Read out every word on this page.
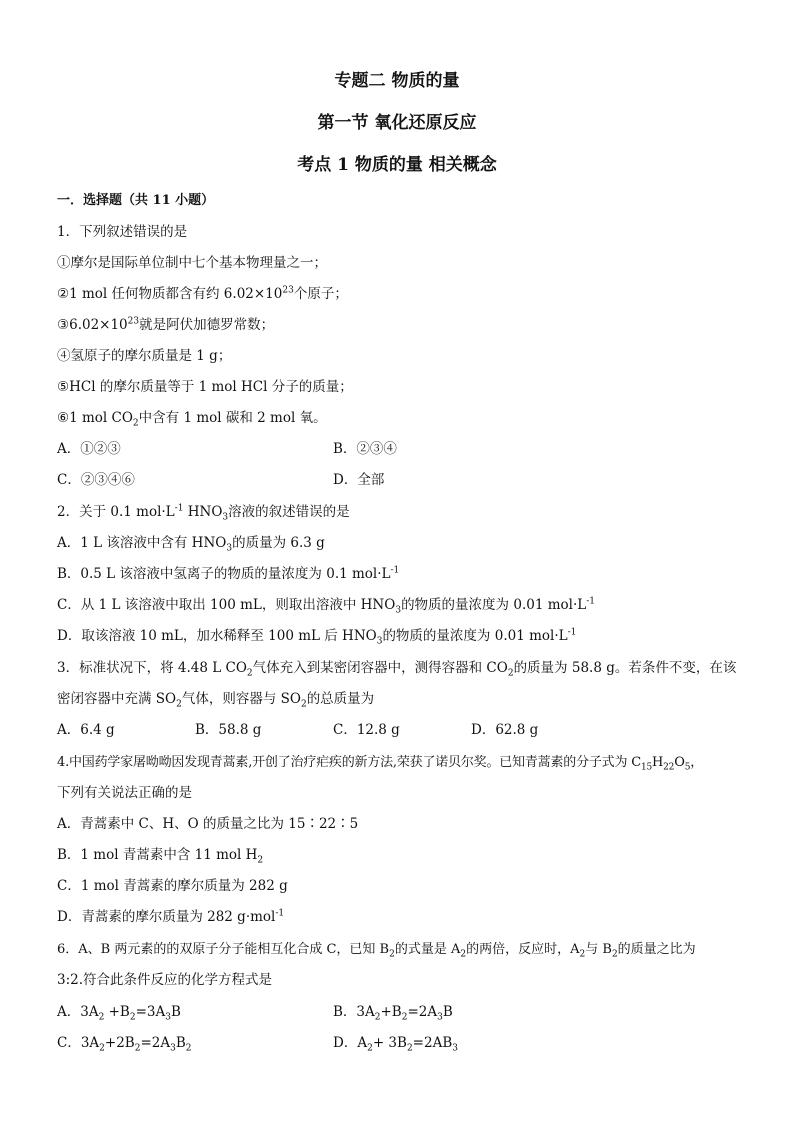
专题二 物质的量
第一节 氧化还原反应
考点 1 物质的量 相关概念
一．选择题（共 11 小题）
1．下列叙述错误的是
①摩尔是国际单位制中七个基本物理量之一；
②1 mol 任何物质都含有约 $6.02\times 10^{23}$个原子；
$③6.02\times 10^{23}$就是阿伏加德罗常数；
④氢原子的摩尔质量是 1 g；
⑤HCl 的摩尔质量等于 1 mol HCl 分子的质量；
⑥1 mol $CO_2$中含有 1 mol 碳和 2 mol 氧。
A．①②③	B．②③④
C．②③④⑥	D．全部
2．关于 0.1 $mol\cdot L^{-1}$ $HNO_3$溶液的叙述错误的是
A．1 L 该溶液中含有 $HNO_3$的质量为 6.3 g
B．0.5 L 该溶液中氢离子的物质的量浓度为 0.1 $mol\cdot L^{-1}$
C．从 1 L 该溶液中取出 100 mL，则取出溶液中 $HNO_3$的物质的量浓度为 0.01 $mol\cdot L^{-1}$
D．取该溶液 10 mL，加水稀释至 100 mL 后 $HNO_3$的物质的量浓度为 0.01 $mol\cdot L^{-1}$
3．标准状况下，将 4.48 L $CO_2$气体充入到某密闭容器中，测得容器和 $CO_2$的质量为 58.8 g。若条件不变，在该
密闭容器中充满 $SO_2$气体，则容器与 $SO_2$的总质量为
A．6.4 g	B．58.8 g	C．12.8 g	D．62.8 g
4.中国药学家屠呦呦因发现青蒿素,开创了治疗疟疾的新方法,荣获了诺贝尔奖。已知青蒿素的分子式为 $C_{15}H_{22}O_5$，
下列有关说法正确的是
A．青蒿素中 C、H、O 的质量之比为 15∶22∶5
B．1 mol 青蒿素中含 11 mol $H_2$
C．1 mol 青蒿素的摩尔质量为 282 g
D．青蒿素的摩尔质量为 282 g·mol$^{-1}$
6．A、B 两元素的的双原子分子能相互化合成 C，已知 $B_2$的式量是 $A_2$的两倍，反应时，$A_2$与 $B_2$的质量之比为
3:2.符合此条件反应的化学方程式是
A．$3A_2 +B_2=3A_3B$	B．$3A_2+B_2=2A_3B$
C．$3A_2+2B_2=2A_3B_2$	D．$A_2+ 3B_2=2AB_3$
